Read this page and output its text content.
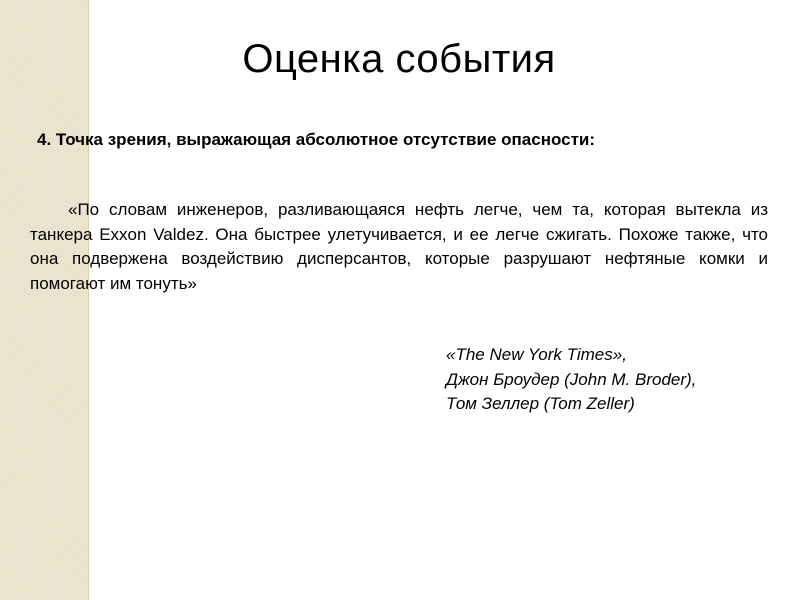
Оценка события

4. Точка зрения, выражающая абсолютное отсутствие опасности:

«По словам инженеров, разливающаяся нефть легче, чем та, которая вытекла из танкера Exxon Valdez. Она быстрее улетучивается, и ее легче сжигать. Похоже также, что она подвержена воздействию дисперсантов, которые разрушают нефтяные комки и помогают им тонуть»

«The New York Times»,
Джон Броудер (John M. Broder),
Том Зеллер (Tom Zeller)
